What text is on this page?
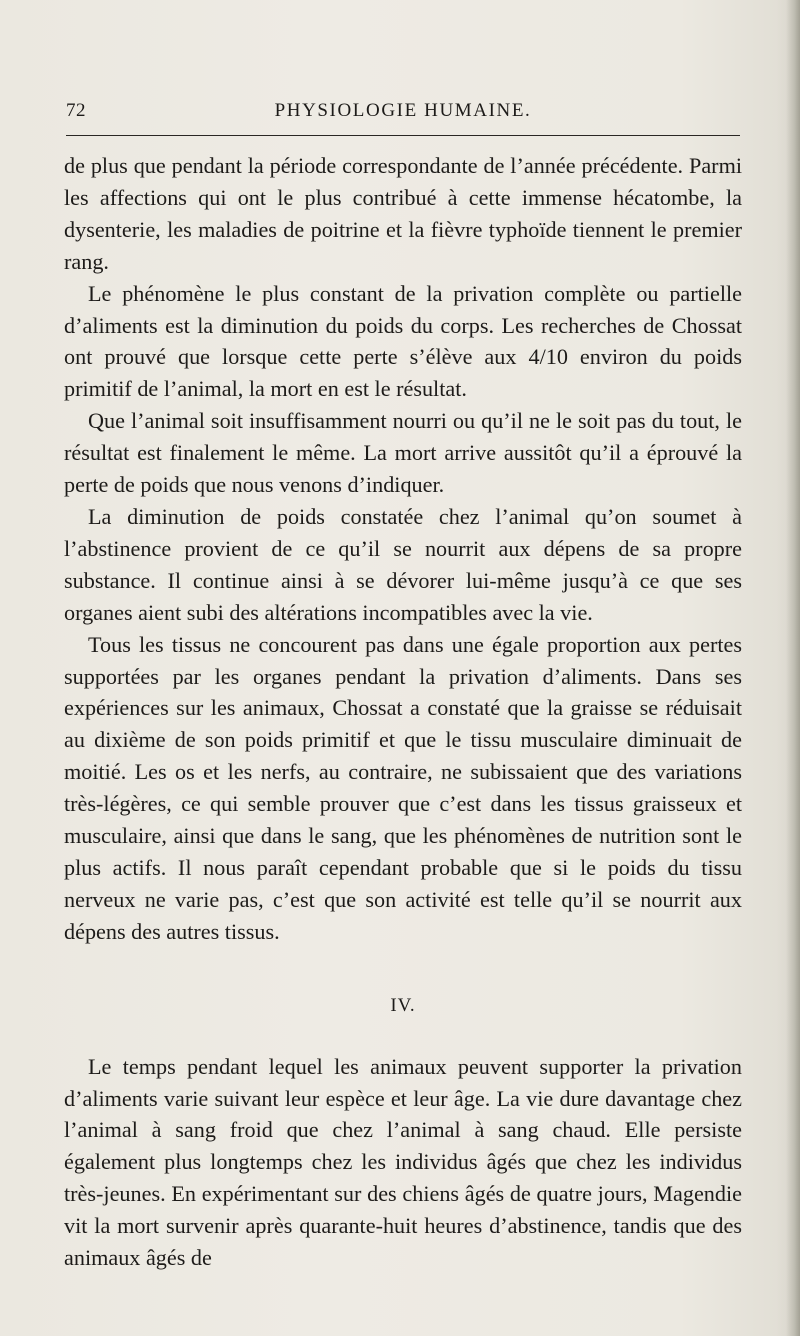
72	PHYSIOLOGIE HUMAINE.

de plus que pendant la période correspondante de l’année précédente. Parmi les affections qui ont le plus contribué à cette immense hécatombe, la dysenterie, les maladies de poitrine et la fièvre typhoïde tiennent le premier rang.

Le phénomène le plus constant de la privation complète ou partielle d’aliments est la diminution du poids du corps. Les recherches de Chossat ont prouvé que lorsque cette perte s’élève aux 4/10 environ du poids primitif de l’animal, la mort en est le résultat.

Que l’animal soit insuffisamment nourri ou qu’il ne le soit pas du tout, le résultat est finalement le même. La mort arrive aussitôt qu’il a éprouvé la perte de poids que nous venons d’indiquer.

La diminution de poids constatée chez l’animal qu’on soumet à l’abstinence provient de ce qu’il se nourrit aux dépens de sa propre substance. Il continue ainsi à se dévorer lui-même jusqu’à ce que ses organes aient subi des altérations incompatibles avec la vie.

Tous les tissus ne concourent pas dans une égale proportion aux pertes supportées par les organes pendant la privation d’aliments. Dans ses expériences sur les animaux, Chossat a constaté que la graisse se réduisait au dixième de son poids primitif et que le tissu musculaire diminuait de moitié. Les os et les nerfs, au contraire, ne subissaient que des variations très-légères, ce qui semble prouver que c’est dans les tissus graisseux et musculaire, ainsi que dans le sang, que les phénomènes de nutrition sont le plus actifs. Il nous paraît cependant probable que si le poids du tissu nerveux ne varie pas, c’est que son activité est telle qu’il se nourrit aux dépens des autres tissus.

IV.

Le temps pendant lequel les animaux peuvent supporter la privation d’aliments varie suivant leur espèce et leur âge. La vie dure davantage chez l’animal à sang froid que chez l’animal à sang chaud. Elle persiste également plus longtemps chez les individus âgés que chez les individus très-jeunes. En expérimentant sur des chiens âgés de quatre jours, Magendie vit la mort survenir après quarante-huit heures d’abstinence, tandis que des animaux âgés de
